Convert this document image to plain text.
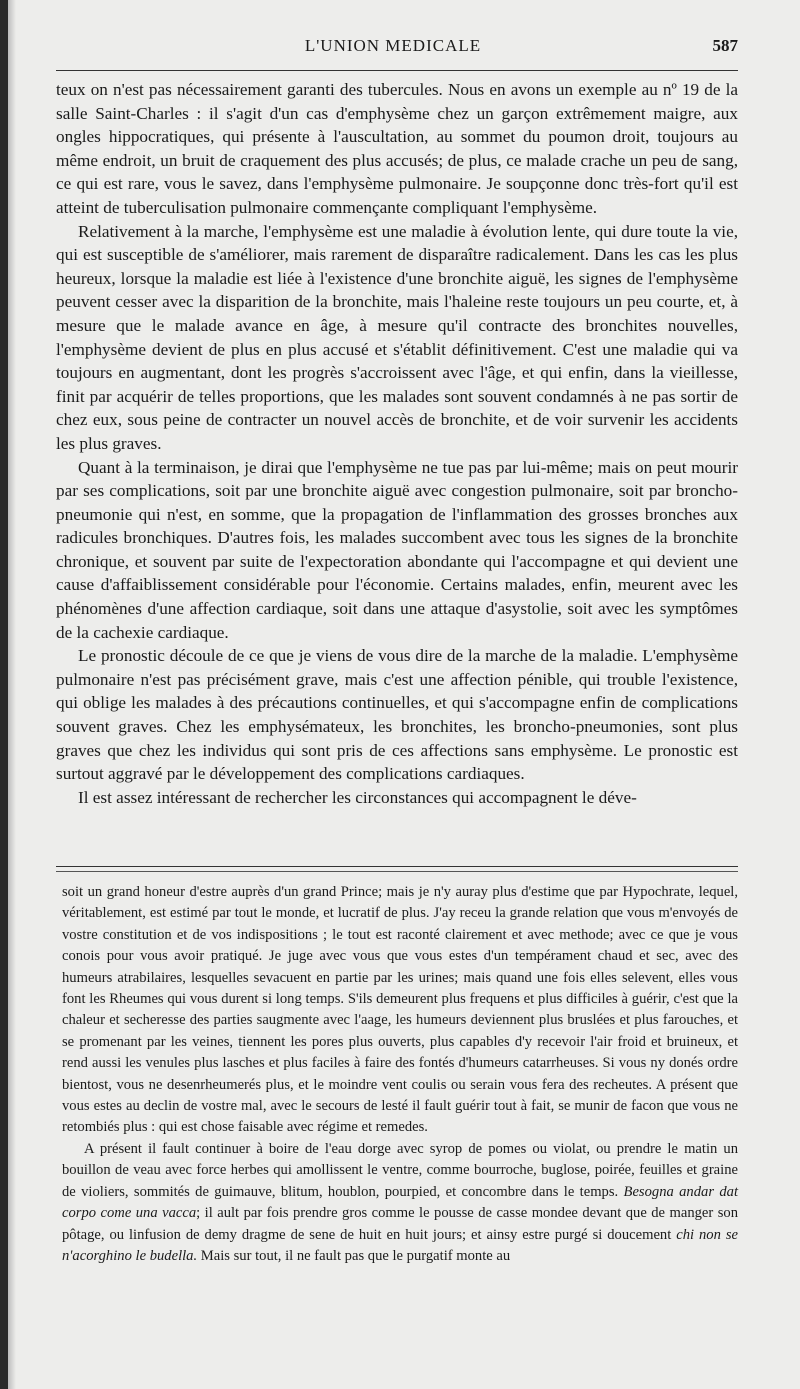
L'UNION MEDICALE	587

teux on n'est pas nécessairement garanti des tubercules. Nous en avons un exemple au nº 19 de la salle Saint-Charles : il s'agit d'un cas d'emphysème chez un garçon extrêmement maigre, aux ongles hippocratiques, qui présente à l'auscultation, au sommet du poumon droit, toujours au même endroit, un bruit de craquement des plus accusés; de plus, ce malade crache un peu de sang, ce qui est rare, vous le savez, dans l'emphysème pulmonaire. Je soupçonne donc très-fort qu'il est atteint de tuberculisation pulmonaire commençante compliquant l'emphysème.

Relativement à la marche, l'emphysème est une maladie à évolution lente, qui dure toute la vie, qui est susceptible de s'améliorer, mais rarement de disparaître radicalement. Dans les cas les plus heureux, lorsque la maladie est liée à l'existence d'une bronchite aiguë, les signes de l'emphysème peuvent cesser avec la disparition de la bronchite, mais l'haleine reste toujours un peu courte, et, à mesure que le malade avance en âge, à mesure qu'il contracte des bronchites nouvelles, l'emphysème devient de plus en plus accusé et s'établit définitivement. C'est une maladie qui va toujours en augmentant, dont les progrès s'accroissent avec l'âge, et qui enfin, dans la vieillesse, finit par acquérir de telles proportions, que les malades sont souvent condamnés à ne pas sortir de chez eux, sous peine de contracter un nouvel accès de bronchite, et de voir survenir les accidents les plus graves.

Quant à la terminaison, je dirai que l'emphysème ne tue pas par lui-même; mais on peut mourir par ses complications, soit par une bronchite aiguë avec congestion pulmonaire, soit par broncho-pneumonie qui n'est, en somme, que la propagation de l'inflammation des grosses bronches aux radicules bronchiques. D'autres fois, les malades succombent avec tous les signes de la bronchite chronique, et souvent par suite de l'expectoration abondante qui l'accompagne et qui devient une cause d'affaiblissement considérable pour l'économie. Certains malades, enfin, meurent avec les phénomènes d'une affection cardiaque, soit dans une attaque d'asystolie, soit avec les symptômes de la cachexie cardiaque.

Le pronostic découle de ce que je viens de vous dire de la marche de la maladie. L'emphysème pulmonaire n'est pas précisément grave, mais c'est une affection pénible, qui trouble l'existence, qui oblige les malades à des précautions continuelles, et qui s'accompagne enfin de complications souvent graves. Chez les emphysémateux, les bronchites, les broncho-pneumonies, sont plus graves que chez les individus qui sont pris de ces affections sans emphysème. Le pronostic est surtout aggravé par le développement des complications cardiaques.

Il est assez intéressant de rechercher les circonstances qui accompagnent le déve-

soit un grand honeur d'estre auprès d'un grand Prince; mais je n'y auray plus d'estime que par Hypochrate, lequel, véritablement, est estimé par tout le monde, et lucratif de plus. J'ay receu la grande relation que vous m'envoyés de vostre constitution et de vos indispositions ; le tout est raconté clairement et avec methode; avec ce que je vous conois pour vous avoir pratiqué. Je juge avec vous que vous estes d'un tempérament chaud et sec, avec des humeurs atrabilaires, lesquelles sevacuent en partie par les urines; mais quand une fois elles selevent, elles vous font les Rheumes qui vous durent si long temps. S'ils demeurent plus frequens et plus difficiles à guérir, c'est que la chaleur et secheresse des parties saugmente avec l'aage, les humeurs deviennent plus bruslées et plus farouches, et se promenant par les veines, tiennent les pores plus ouverts, plus capables d'y recevoir l'air froid et bruineux, et rend aussi les venules plus lasches et plus faciles à faire des fontés d'humeurs catarrheuses. Si vous ny donés ordre bientost, vous ne desenrheumerés plus, et le moindre vent coulis ou serain vous fera des recheutes. A présent que vous estes au declin de vostre mal, avec le secours de lesté il fault guérir tout à fait, se munir de facon que vous ne retombiés plus : qui est chose faisable avec régime et remedes.

A présent il fault continuer à boire de l'eau dorge avec syrop de pomes ou violat, ou prendre le matin un bouillon de veau avec force herbes qui amollissent le ventre, comme bourroche, buglose, poirée, feuilles et graine de violiers, sommités de guimauve, blitum, houblon, pourpied, et concombre dans le temps. Besogna andar dat corpo come una vacca; il ault par fois prendre gros comme le pousse de casse mondee devant que de manger son pôtage, ou linfusion de demy dragme de sene de huit en huit jours; et ainsy estre purgé si doucement chi non se n'acorghino le budella. Mais sur tout, il ne fault pas que le purgatif monte au
